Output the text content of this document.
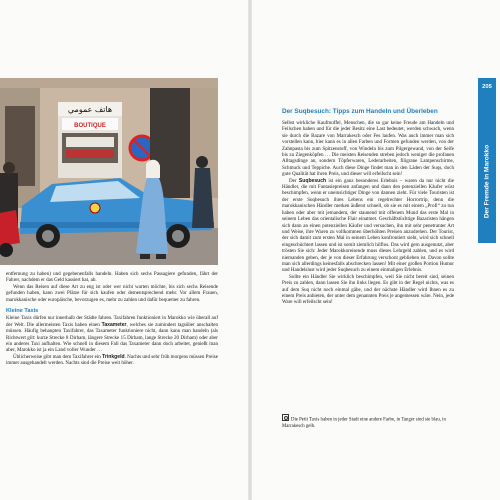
هاتف عمومي
BOUTIQUE

entfernung zu haben) und gegebenenfalls handeln. Haben sich sechs Passagiere gefunden, fährt der Fahrer, nachdem er das Geld kassiert hat, ab.

Wenn das Reisen auf diese Art zu eng ist oder wer nicht warten möchte, bis sich sechs Reisende gefunden haben, kann zwei Plätze für sich kaufen oder dementsprechend mehr. Vor allem Frauen, marokkanische oder europäische, bevorzugen es, mehr zu zahlen und dafür bequemer zu fahren.

Kleine Taxis

Kleine Taxis dürfen nur innerhalb der Städte fahren. Taxifahren funktioniert in Marokko wie überall auf der Welt. Die allermeisten Taxis haben einen Taxameter, welches sie zumindest tagsüber anschalten müssen. Häufig behaupten Taxifahrer, das Taxameter funktioniere nicht, dann kann man handeln (als Richtwert gilt: kurze Strecke 8 Dirham, längere Strecke 15 Dirham, lange Strecke 20 Dirham) oder aber ein anderes Taxi aufhalten. Wie schnell in diesem Fall das Taxameter dann doch arbeitet, genießt man aber, Marokko ist ja ein Land voller Wunder …

Üblicherweise gibt man dem Taxifahrer ein Trinkgeld. Nachts und sehr früh morgens müssen Preise immer ausgehandelt werden. Nachts sind die Preise weit höher.

Der Suqbesuch: Tipps zum Handeln und Überleben

Selbst wirkliche Kaufmuffel, Menschen, die so gar keine Freude am Handeln und Feilschen haben und für die jeder Besitz eine Last bedeutet, werden schwach, wenn sie durch die Bazare von Marrakesch oder Fes laufen. Was auch immer man sich vorstellen kann, hier kann es in allen Farben und Formen gefunden werden, von der Zahnpasta bis zum Spitzenstoff, von Windeln bis zum Pilgergewand, von der Seife bis zu Ziegenköpfen … Die meisten Reisenden streben jedoch weniger die profanen Alltagsdinge an, sondern Töpferwaren, Lederarbeiten, filigrane Lampenschirme, Schmuck und Teppiche. Auch diese Dinge findet man in den Läden der Suqs, doch gute Qualität hat ihren Preis, und dieser will erfeilscht sein!

Der Suqbesuch ist ein ganz besonderes Erlebnis – waren da nur nicht die Händler, die mit Fantasiepreisen anfangen und dann den potenziellen Käufer wüst beschimpfen, wenn er uneinsichtiger Dinge von dannen zieht. Für viele Touristen ist der erste Suqbesuch ihres Lebens ein regelrechter Horrortrip, denn die marokkanischen Händler merken äußerst schnell, ob sie es mit einem „Profi“ zu tun haben oder aber mit jemandem, der staunend mit offenem Mund das erste Mal in seinem Leben das orientalische Flair einatmet. Geschäftstüchtige Bazaristen hängen sich dann an einen potenziellen Käufer und versuchen, ihn mit sehr penetranter Art und Weise, ihre Waren zu vollkommen überhöhten Preisen anzudrehen. Der Tourist, der sich damit zum ersten Mal in seinem Leben konfrontiert sieht, wird sich schnell eingeschüchtert lassen und ist somit ziemlich hilflos. Das wird gern ausgenutzt, aber trösten Sie sich: Jeder Marokkoreisende muss dieses Lehrgeld zahlen, und es wird niemanden geben, der je von dieser Erfahrung verschont geblieben ist. Davon sollte man sich allerdings keinesfalls abschrecken lassen! Mit einer großen Portion Humor und Handelslust wird jeder Suqbesuch zu einem einmaligen Erlebnis.

Sollte ein Händler Sie wirklich beschimpfen, weil Sie nicht bereit sind, seinen Preis zu zahlen, dann lassen Sie ihn links liegen. Es gibt in der Regel nichts, was es auf dem Suq nicht noch einmal gäbe, und der nächste Händler wird Ihnen es zu einem Preis anbieten, der unter dem genannten Preis je angemessen wäre. Nein, jede Ware will erfeilscht sein!

Die Petit Taxis haben in jeder Stadt eine andere Farbe, in Tanger sind sie blau, in Marrakesch gelb.
205
Der Fremde in Marokko
